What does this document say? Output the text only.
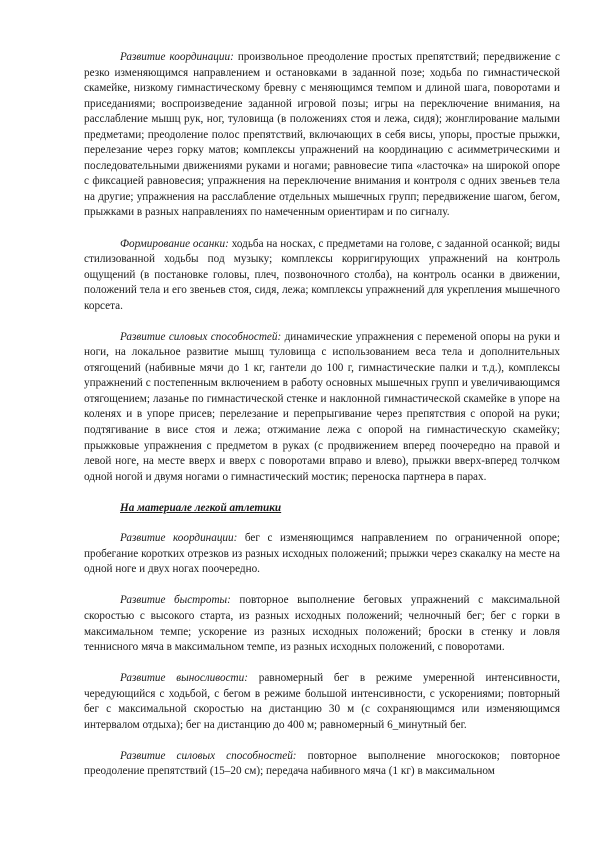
Развитие координации: произвольное преодоление простых препятствий; передвижение с резко изменяющимся направлением и остановками в заданной позе; ходьба по гимнастической скамейке, низкому гимнастическому бревну с меняющимся темпом и длиной шага, поворотами и приседаниями; воспроизведение заданной игровой позы; игры на переключение внимания, на расслабление мышц рук, ног, туловища (в положениях стоя и лежа, сидя); жонглирование малыми предметами; преодоление полос препятствий, включающих в себя висы, упоры, простые прыжки, перелезание через горку матов; комплексы упражнений на координацию с асимметрическими и последовательными движениями руками и ногами; равновесие типа «ласточка» на широкой опоре с фиксацией равновесия; упражнения на переключение внимания и контроля с одних звеньев тела на другие; упражнения на расслабление отдельных мышечных групп; передвижение шагом, бегом, прыжками в разных направлениях по намеченным ориентирам и по сигналу.

Формирование осанки: ходьба на носках, с предметами на голове, с заданной осанкой; виды стилизованной ходьбы под музыку; комплексы корригирующих упражнений на контроль ощущений (в постановке головы, плеч, позвоночного столба), на контроль осанки в движении, положений тела и его звеньев стоя, сидя, лежа; комплексы упражнений для укрепления мышечного корсета.

Развитие силовых способностей: динамические упражнения с переменой опоры на руки и ноги, на локальное развитие мышц туловища с использованием веса тела и дополнительных отягощений (набивные мячи до 1 кг, гантели до 100 г, гимнастические палки и т.д.), комплексы упражнений с постепенным включением в работу основных мышечных групп и увеличивающимся отягощением; лазанье по гимнастической стенке и наклонной гимнастической скамейке в упоре на коленях и в упоре присев; перелезание и перепрыгивание через препятствия с опорой на руки; подтягивание в висе стоя и лежа; отжимание лежа с опорой на гимнастическую скамейку; прыжковые упражнения с предметом в руках (с продвижением вперед поочередно на правой и левой ноге, на месте вверх и вверх с поворотами вправо и влево), прыжки вверх-вперед толчком одной ногой и двумя ногами о гимнастический мостик; переноска партнера в парах.

На материале легкой атлетики

Развитие координации: бег с изменяющимся направлением по ограниченной опоре; пробегание коротких отрезков из разных исходных положений; прыжки через скакалку на месте на одной ноге и двух ногах поочередно.

Развитие быстроты: повторное выполнение беговых упражнений с максимальной скоростью с высокого старта, из разных исходных положений; челночный бег; бег с горки в максимальном темпе; ускорение из разных исходных положений; броски в стенку и ловля теннисного мяча в максимальном темпе, из разных исходных положений, с поворотами.

Развитие выносливости: равномерный бег в режиме умеренной интенсивности, чередующийся с ходьбой, с бегом в режиме большой интенсивности, с ускорениями; повторный бег с максимальной скоростью на дистанцию 30 м (с сохраняющимся или изменяющимся интервалом отдыха); бег на дистанцию до 400 м; равномерный 6_минутный бег.

Развитие силовых способностей: повторное выполнение многоскоков; повторное преодоление препятствий (15–20 см); передача набивного мяча (1 кг) в максимальном
